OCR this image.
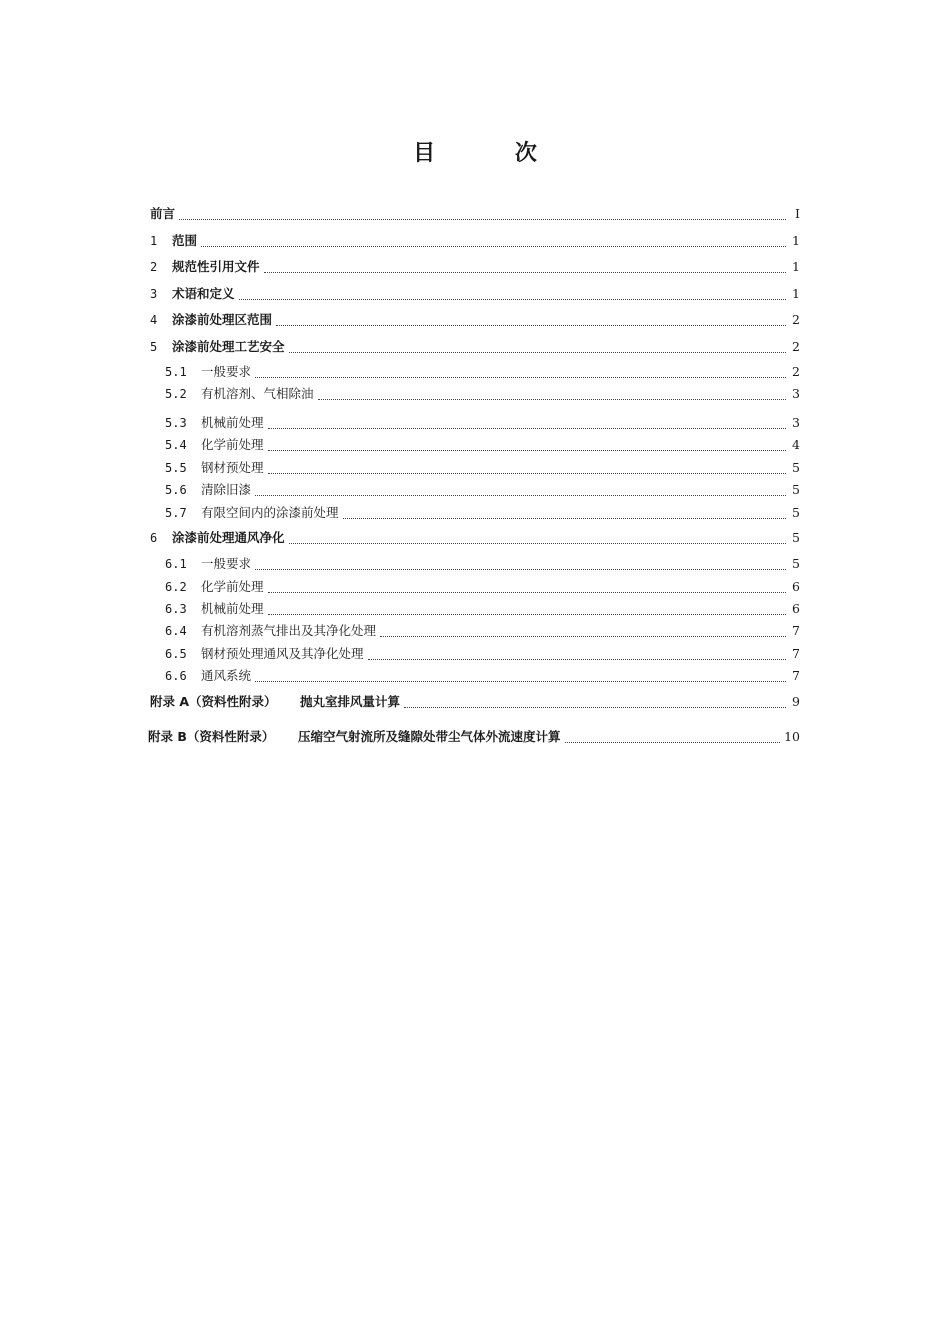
目 次
前言	Ⅰ
1	范围	1
2	规范性引用文件	1
3	术语和定义	1
4	涂漆前处理区范围	2
5	涂漆前处理工艺安全	2
5.1	一般要求	2
5.2	有机溶剂、气相除油	3
5.3	机械前处理	3
5.4	化学前处理	4
5.5	钢材预处理	5
5.6	清除旧漆	5
5.7	有限空间内的涂漆前处理	5
6	涂漆前处理通风净化	5
6.1	一般要求	5
6.2	化学前处理	6
6.3	机械前处理	6
6.4	有机溶剂蒸气排出及其净化处理	7
6.5	钢材预处理通风及其净化处理	7
6.6	通风系统	7
附录 A（资料性附录）	抛丸室排风量计算	9
附录 B（资料性附录）	压缩空气射流所及缝隙处带尘气体外流速度计算	10
